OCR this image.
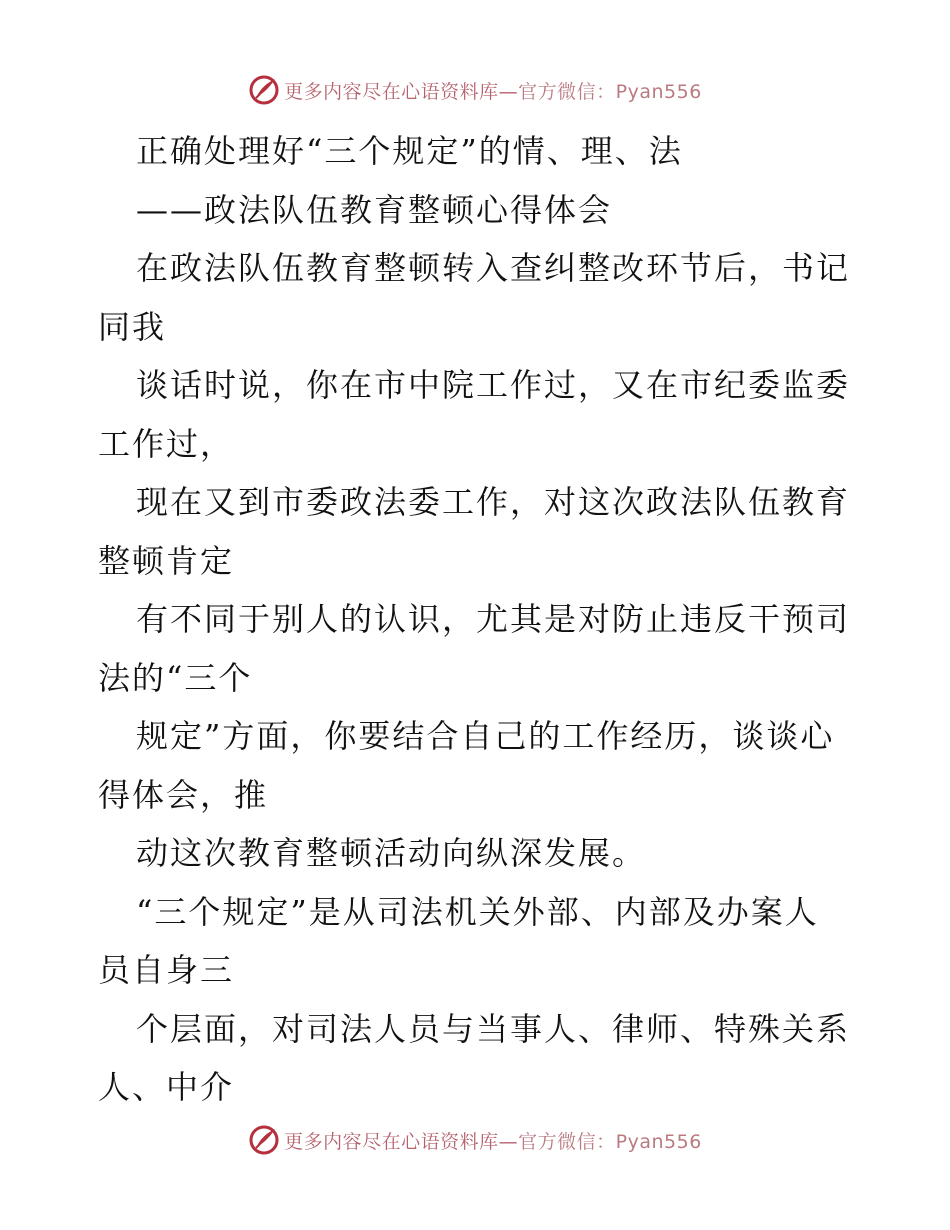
更多内容尽在心语资料库—官方微信：Pyan556
正确处理好“三个规定”的情、理、法
——政法队伍教育整顿心得体会
在政法队伍教育整顿转入查纠整改环节后，书记
同我
谈话时说，你在市中院工作过，又在市纪委监委
工作过，
现在又到市委政法委工作，对这次政法队伍教育
整顿肯定
有不同于别人的认识，尤其是对防止违反干预司
法的“三个
规定”方面，你要结合自己的工作经历，谈谈心
得体会，推
动这次教育整顿活动向纵深发展。
“三个规定”是从司法机关外部、内部及办案人
员自身三
个层面，对司法人员与当事人、律师、特殊关系
人、中介
更多内容尽在心语资料库—官方微信：Pyan556
